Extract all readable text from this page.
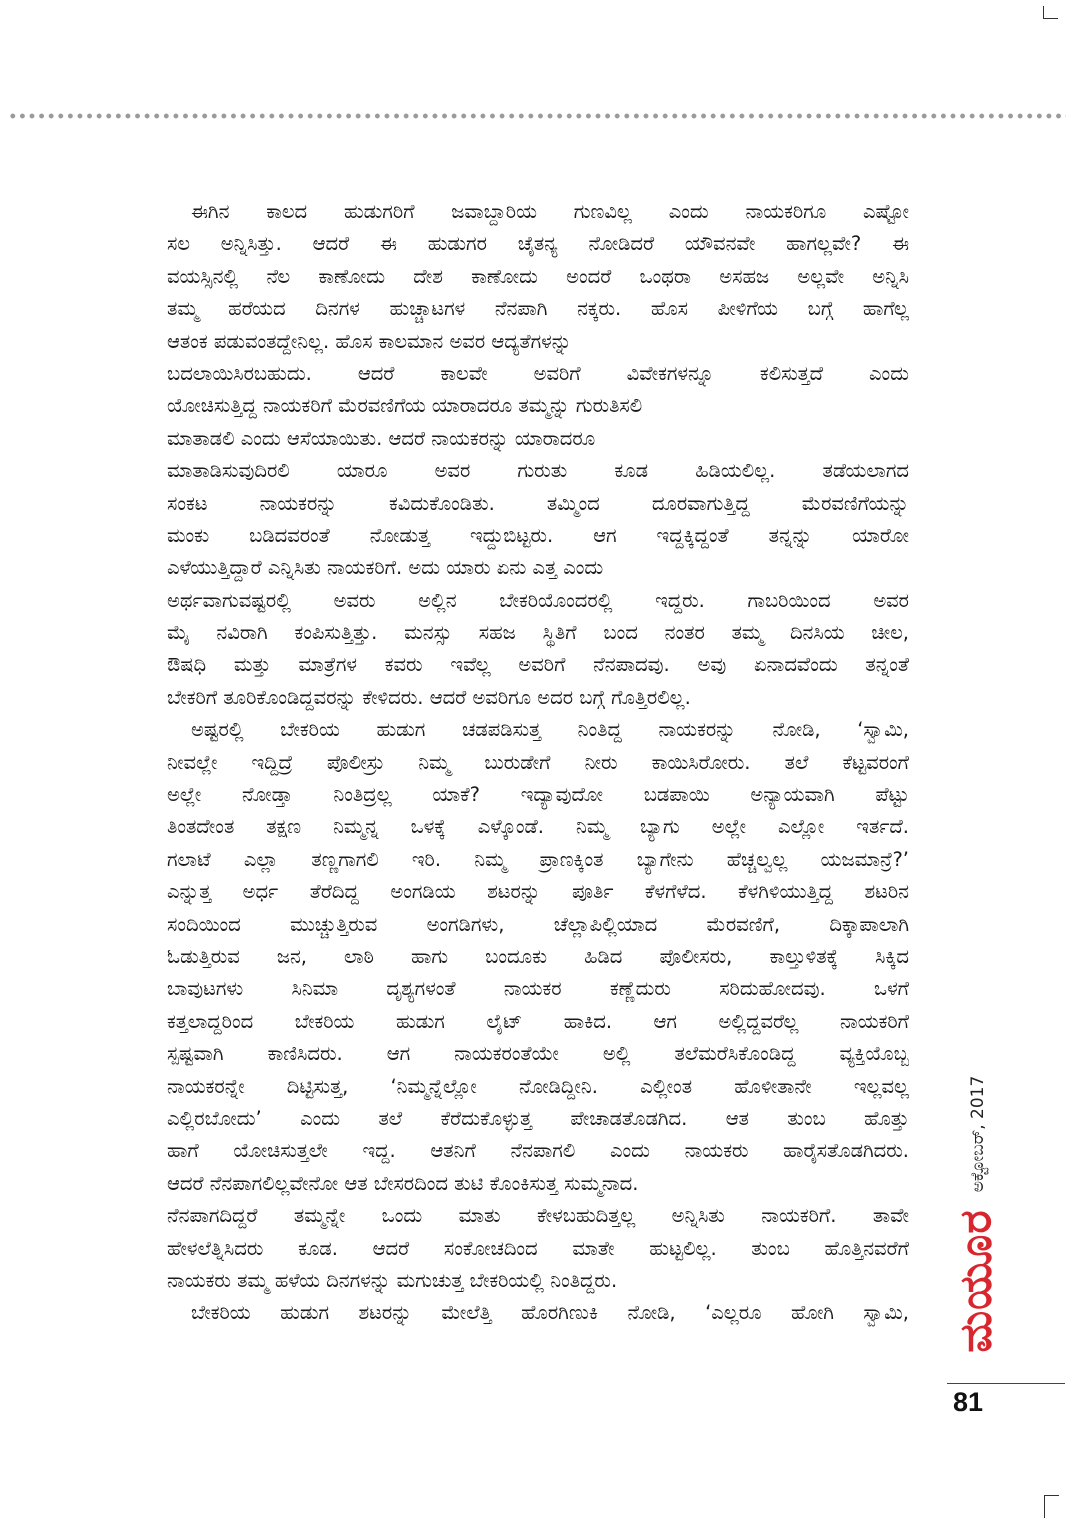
ಈಗಿನ ಕಾಲದ ಹುಡುಗರಿಗೆ ಜವಾಬ್ದಾರಿಯ ಗುಣವಿಲ್ಲ ಎಂದು ನಾಯಕರಿಗೂ ಎಷ್ಟೋ
ಸಲ ಅನ್ನಿಸಿತ್ತು. ಆದರೆ ಈ ಹುಡುಗರ ಚೈತನ್ಯ ನೋಡಿದರೆ ಯೌವನವೇ ಹಾಗಲ್ಲವೇ? ಈ
ವಯಸ್ಸಿನಲ್ಲಿ ನೆಲ ಕಾಣೋದು ದೇಶ ಕಾಣೋದು ಅಂದರೆ ಒಂಥರಾ ಅಸಹಜ ಅಲ್ಲವೇ ಅನ್ನಿಸಿ
ತಮ್ಮ ಹರೆಯದ ದಿನಗಳ ಹುಚ್ಚಾಟಗಳ ನೆನಪಾಗಿ ನಕ್ಕರು. ಹೊಸ ಪೀಳಿಗೆಯ ಬಗ್ಗೆ ಹಾಗೆಲ್ಲ
ಆತಂಕ ಪಡುವಂತದ್ದೇನಿಲ್ಲ. ಹೊಸ ಕಾಲಮಾನ ಅವರ ಆದ್ಯತೆಗಳನ್ನು
ಬದಲಾಯಿಸಿರಬಹುದು. ಆದರೆ ಕಾಲವೇ ಅವರಿಗೆ ವಿವೇಕಗಳನ್ನೂ ಕಲಿಸುತ್ತದೆ ಎಂದು
ಯೋಚಿಸುತ್ತಿದ್ದ ನಾಯಕರಿಗೆ ಮೆರವಣಿಗೆಯ ಯಾರಾದರೂ ತಮ್ಮನ್ನು ಗುರುತಿಸಲಿ
ಮಾತಾಡಲಿ ಎಂದು ಆಸೆಯಾಯಿತು. ಆದರೆ ನಾಯಕರನ್ನು ಯಾರಾದರೂ
ಮಾತಾಡಿಸುವುದಿರಲಿ ಯಾರೂ ಅವರ ಗುರುತು ಕೂಡ ಹಿಡಿಯಲಿಲ್ಲ. ತಡೆಯಲಾಗದ
ಸಂಕಟ ನಾಯಕರನ್ನು ಕವಿದುಕೊಂಡಿತು. ತಮ್ಮಿಂದ ದೂರವಾಗುತ್ತಿದ್ದ ಮೆರವಣಿಗೆಯನ್ನು
ಮಂಕು ಬಡಿದವರಂತೆ ನೋಡುತ್ತ ಇದ್ದುಬಿಟ್ಟರು. ಆಗ ಇದ್ದಕ್ಕಿದ್ದಂತೆ ತನ್ನನ್ನು ಯಾರೋ
ಎಳೆಯುತ್ತಿದ್ದಾರೆ ಎನ್ನಿಸಿತು ನಾಯಕರಿಗೆ. ಅದು ಯಾರು ಏನು ಎತ್ತ ಎಂದು
ಅರ್ಥವಾಗುವಷ್ಟರಲ್ಲಿ ಅವರು ಅಲ್ಲಿನ ಬೇಕರಿಯೊಂದರಲ್ಲಿ ಇದ್ದರು. ಗಾಬರಿಯಿಂದ ಅವರ
ಮೈ ನವಿರಾಗಿ ಕಂಪಿಸುತ್ತಿತ್ತು. ಮನಸ್ಸು ಸಹಜ ಸ್ಥಿತಿಗೆ ಬಂದ ನಂತರ ತಮ್ಮ ದಿನಸಿಯ ಚೀಲ,
ಔಷಧಿ ಮತ್ತು ಮಾತ್ರೆಗಳ ಕವರು ಇವೆಲ್ಲ ಅವರಿಗೆ ನೆನಪಾದವು. ಅವು ಏನಾದವೆಂದು ತನ್ನಂತೆ
ಬೇಕರಿಗೆ ತೂರಿಕೊಂಡಿದ್ದವರನ್ನು ಕೇಳಿದರು. ಆದರೆ ಅವರಿಗೂ ಅದರ ಬಗ್ಗೆ ಗೊತ್ತಿರಲಿಲ್ಲ.
ಅಷ್ಟರಲ್ಲಿ ಬೇಕರಿಯ ಹುಡುಗ ಚಡಪಡಿಸುತ್ತ ನಿಂತಿದ್ದ ನಾಯಕರನ್ನು ನೋಡಿ, ‘ಸ್ವಾಮಿ,
ನೀವಲ್ಲೇ ಇದ್ದಿದ್ರೆ ಪೊಲೀಸ್ರು ನಿಮ್ಮ ಬುರುಡೇಗೆ ನೀರು ಕಾಯಿಸಿರೋರು. ತಲೆ ಕೆಟ್ಟವರಂಗೆ
ಅಲ್ಲೇ ನೋಡ್ತಾ ನಿಂತಿದ್ರಲ್ಲ ಯಾಕೆ? ಇದ್ಯಾವುದೋ ಬಡಪಾಯಿ ಅನ್ಯಾಯವಾಗಿ ಪೆಟ್ಟು
ತಿಂತದೇಂತ ತಕ್ಷಣ ನಿಮ್ಮನ್ನ ಒಳಕ್ಕೆ ಎಳ್ಕೊಂಡೆ. ನಿಮ್ಮ ಬ್ಯಾಗು ಅಲ್ಲೇ ಎಲ್ಲೋ ಇರ್ತದೆ.
ಗಲಾಟೆ ಎಲ್ಲಾ ತಣ್ಣಗಾಗಲಿ ಇರಿ. ನಿಮ್ಮ ಪ್ರಾಣಕ್ಕಿಂತ ಬ್ಯಾಗೇನು ಹೆಚ್ಚಲ್ವಲ್ಲ ಯಜಮಾನ್ರೆ?’
ಎನ್ನುತ್ತ ಅರ್ಧ ತೆರೆದಿದ್ದ ಅಂಗಡಿಯ ಶಟರನ್ನು ಪೂರ್ತಿ ಕೆಳಗೆಳೆದ. ಕೆಳಗಿಳಿಯುತ್ತಿದ್ದ ಶಟರಿನ
ಸಂದಿಯಿಂದ ಮುಚ್ಚುತ್ತಿರುವ ಅಂಗಡಿಗಳು, ಚೆಲ್ಲಾಪಿಲ್ಲಿಯಾದ ಮೆರವಣಿಗೆ, ದಿಕ್ಕಾಪಾಲಾಗಿ
ಓಡುತ್ತಿರುವ ಜನ, ಲಾಠಿ ಹಾಗು ಬಂದೂಕು ಹಿಡಿದ ಪೊಲೀಸರು, ಕಾಲ್ತುಳಿತಕ್ಕೆ ಸಿಕ್ಕಿದ
ಬಾವುಟಗಳು ಸಿನಿಮಾ ದೃಶ್ಯಗಳಂತೆ ನಾಯಕರ ಕಣ್ಣೆದುರು ಸರಿದುಹೋದವು. ಒಳಗೆ
ಕತ್ತಲಾದ್ದರಿಂದ ಬೇಕರಿಯ ಹುಡುಗ ಲೈಟ್ ಹಾಕಿದ. ಆಗ ಅಲ್ಲಿದ್ದವರೆಲ್ಲ ನಾಯಕರಿಗೆ
ಸ್ಪಷ್ಟವಾಗಿ ಕಾಣಿಸಿದರು. ಆಗ ನಾಯಕರಂತೆಯೇ ಅಲ್ಲಿ ತಲೆಮರೆಸಿಕೊಂಡಿದ್ದ ವ್ಯಕ್ತಿಯೊಬ್ಬ
ನಾಯಕರನ್ನೇ ದಿಟ್ಟಿಸುತ್ತ, ‘ನಿಮ್ಮನ್ನೆಲ್ಲೋ ನೋಡಿದ್ದೀನಿ. ಎಲ್ಲೀಂತ ಹೊಳೀತಾನೇ ಇಲ್ಲವಲ್ಲ
ಎಲ್ಲಿರಬೋದು’ ಎಂದು ತಲೆ ಕೆರೆದುಕೊಳ್ಳುತ್ತ ಪೇಚಾಡತೊಡಗಿದ. ಆತ ತುಂಬ ಹೊತ್ತು
ಹಾಗೆ ಯೋಚಿಸುತ್ತಲೇ ಇದ್ದ. ಆತನಿಗೆ ನೆನಪಾಗಲಿ ಎಂದು ನಾಯಕರು ಹಾರೈಸತೊಡಗಿದರು.
ಆದರೆ ನೆನಪಾಗಲಿಲ್ಲವೇನೋ ಆತ ಬೇಸರದಿಂದ ತುಟಿ ಕೊಂಕಿಸುತ್ತ ಸುಮ್ಮನಾದ.
ನೆನಪಾಗದಿದ್ದರೆ ತಮ್ಮನ್ನೇ ಒಂದು ಮಾತು ಕೇಳಬಹುದಿತ್ತಲ್ಲ ಅನ್ನಿಸಿತು ನಾಯಕರಿಗೆ. ತಾವೇ
ಹೇಳಲೆತ್ನಿಸಿದರು ಕೂಡ. ಆದರೆ ಸಂಕೋಚದಿಂದ ಮಾತೇ ಹುಟ್ಟಲಿಲ್ಲ. ತುಂಬ ಹೊತ್ತಿನವರೆಗೆ
ನಾಯಕರು ತಮ್ಮ ಹಳೆಯ ದಿನಗಳನ್ನು ಮಗುಚುತ್ತ ಬೇಕರಿಯಲ್ಲಿ ನಿಂತಿದ್ದರು.
ಬೇಕರಿಯ ಹುಡುಗ ಶಟರನ್ನು ಮೇಲೆತ್ತಿ ಹೊರಗಿಣುಕಿ ನೋಡಿ, ‘ಎಲ್ಲರೂ ಹೋಗಿ ಸ್ವಾಮಿ,
ಅಕ್ಟೋಬರ್, 2017
ಮಯೂರ
81
